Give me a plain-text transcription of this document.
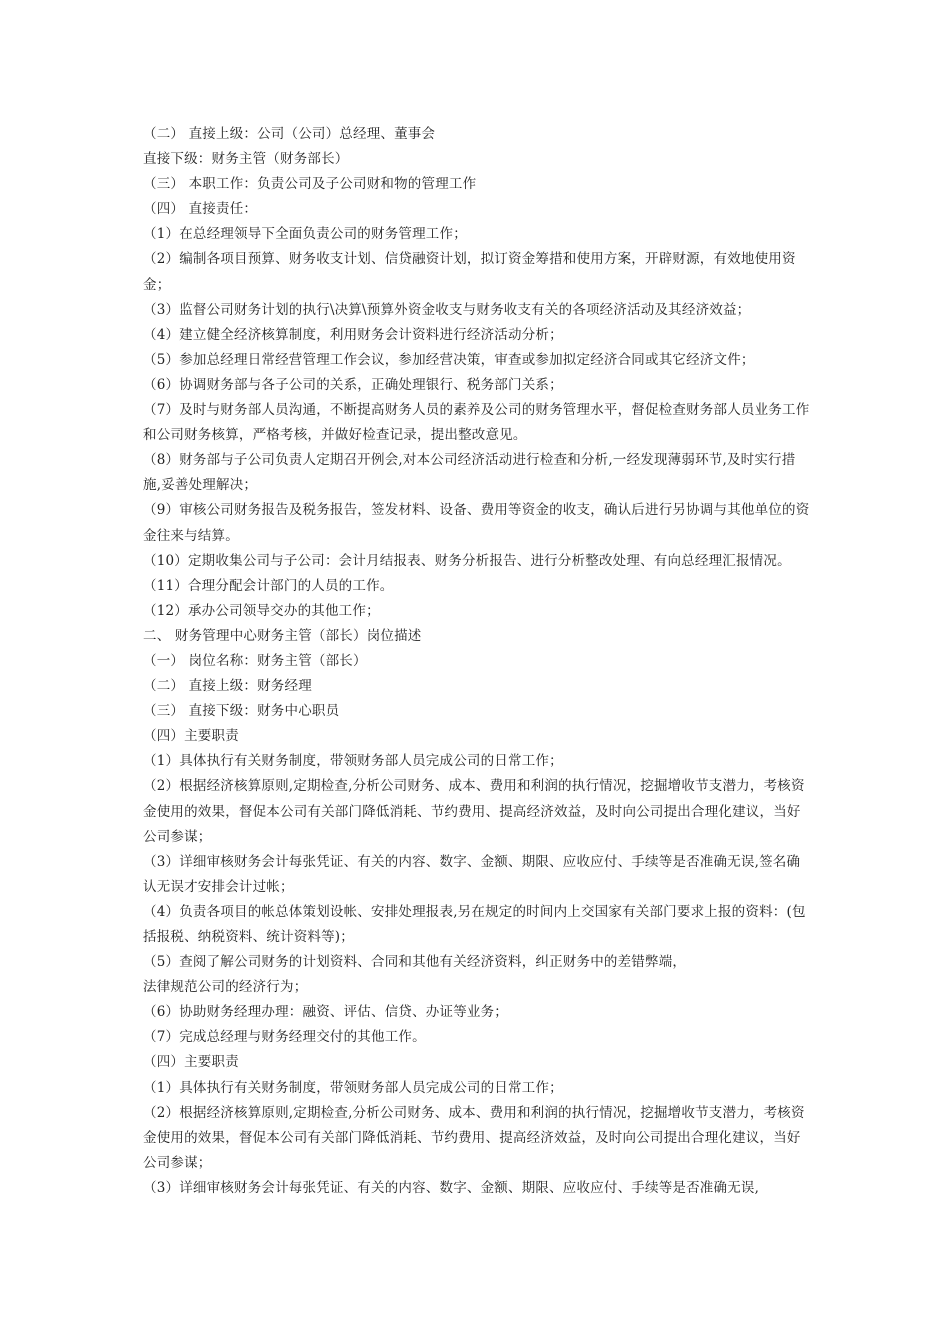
（二） 直接上级：公司（公司）总经理、董事会

直接下级：财务主管（财务部长）

（三） 本职工作：负责公司及子公司财和物的管理工作

（四） 直接责任：

（1）在总经理领导下全面负责公司的财务管理工作；

（2）编制各项目预算、财务收支计划、信贷融资计划，拟订资金筹措和使用方案，开辟财源，有效地使用资金；

（3）监督公司财务计划的执行\决算\预算外资金收支与财务收支有关的各项经济活动及其经济效益；

（4）建立健全经济核算制度，利用财务会计资料进行经济活动分析；

（5）参加总经理日常经营管理工作会议，参加经营决策，审查或参加拟定经济合同或其它经济文件；

（6）协调财务部与各子公司的关系，正确处理银行、税务部门关系；

（7）及时与财务部人员沟通，不断提高财务人员的素养及公司的财务管理水平，督促检查财务部人员业务工作和公司财务核算，严格考核，并做好检查记录，提出整改意见。

（8）财务部与子公司负责人定期召开例会,对本公司经济活动进行检查和分析,一经发现薄弱环节,及时实行措施,妥善处理解决；

（9）审核公司财务报告及税务报告，签发材料、设备、费用等资金的收支，确认后进行另协调与其他单位的资金往来与结算。

（10）定期收集公司与子公司：会计月结报表、财务分析报告、进行分析整改处理、有向总经理汇报情况。

（11）合理分配会计部门的人员的工作。

（12）承办公司领导交办的其他工作；

二、 财务管理中心财务主管（部长）岗位描述

（一） 岗位名称：财务主管（部长）

（二） 直接上级：财务经理

（三） 直接下级：财务中心职员

（四）主要职责

（1）具体执行有关财务制度，带领财务部人员完成公司的日常工作；

（2）根据经济核算原则,定期检查,分析公司财务、成本、费用和利润的执行情况，挖掘增收节支潜力，考核资金使用的效果，督促本公司有关部门降低消耗、节约费用、提高经济效益，及时向公司提出合理化建议，当好公司参谋；

（3）详细审核财务会计每张凭证、有关的内容、数字、金额、期限、应收应付、手续等是否准确无误,签名确认无误才安排会计过帐；

（4）负责各项目的帐总体策划设帐、安排处理报表,另在规定的时间内上交国家有关部门要求上报的资料：(包括报税、纳税资料、统计资料等)；

（5）查阅了解公司财务的计划资料、合同和其他有关经济资料，纠正财务中的差错弊端，

法律规范公司的经济行为；

（6）协助财务经理办理：融资、评估、信贷、办证等业务；

（7）完成总经理与财务经理交付的其他工作。

（四）主要职责

（1）具体执行有关财务制度，带领财务部人员完成公司的日常工作；

（2）根据经济核算原则,定期检查,分析公司财务、成本、费用和利润的执行情况，挖掘增收节支潜力，考核资金使用的效果，督促本公司有关部门降低消耗、节约费用、提高经济效益，及时向公司提出合理化建议，当好公司参谋；

（3）详细审核财务会计每张凭证、有关的内容、数字、金额、期限、应收应付、手续等是否准确无误,
